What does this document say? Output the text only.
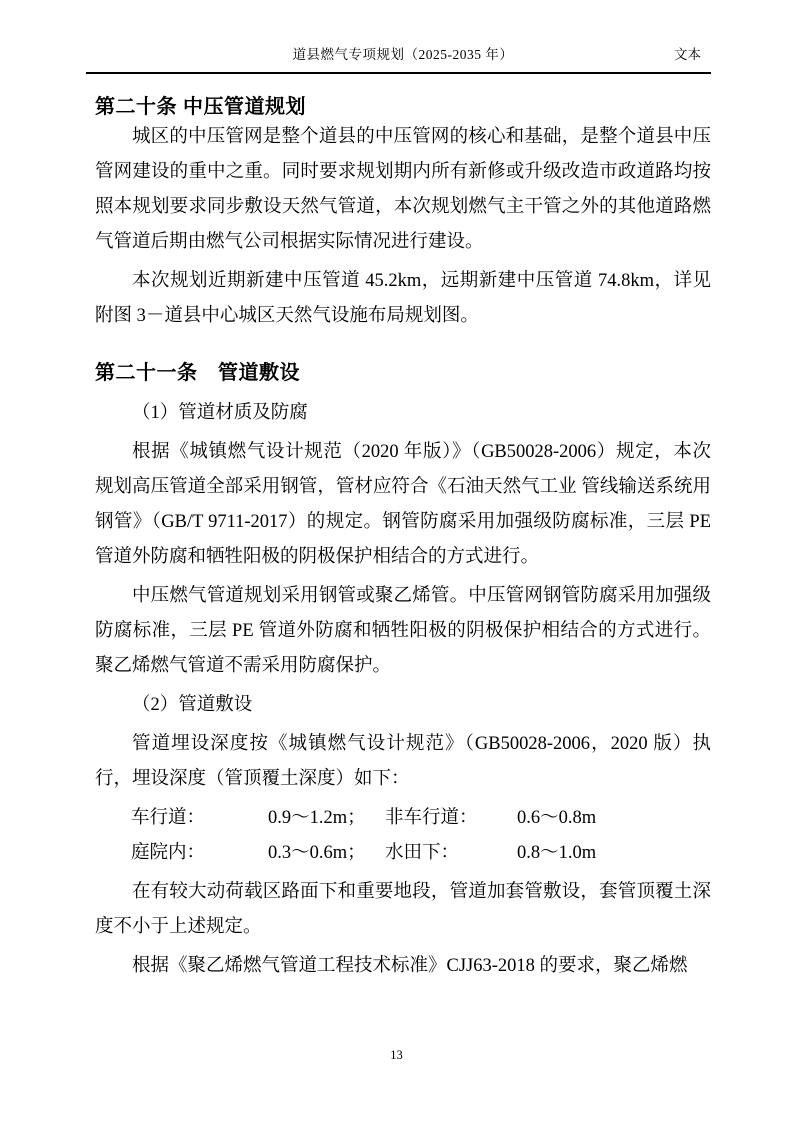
道县燃气专项规划（2025-2035 年）	文本
第二十条 中压管道规划

城区的中压管网是整个道县的中压管网的核心和基础，是整个道县中压管网建设的重中之重。同时要求规划期内所有新修或升级改造市政道路均按照本规划要求同步敷设天然气管道，本次规划燃气主干管之外的其他道路燃气管道后期由燃气公司根据实际情况进行建设。

本次规划近期新建中压管道 45.2km，远期新建中压管道 74.8km，详见附图 3－道县中心城区天然气设施布局规划图。

第二十一条　管道敷设

（1）管道材质及防腐

根据《城镇燃气设计规范（2020 年版）》（GB50028-2006）规定，本次规划高压管道全部采用钢管，管材应符合《石油天然气工业 管线输送系统用钢管》（GB/T 9711-2017）的规定。钢管防腐采用加强级防腐标准，三层 PE 管道外防腐和牺牲阳极的阴极保护相结合的方式进行。

中压燃气管道规划采用钢管或聚乙烯管。中压管网钢管防腐采用加强级防腐标准，三层 PE 管道外防腐和牺牲阳极的阴极保护相结合的方式进行。聚乙烯燃气管道不需采用防腐保护。

（2）管道敷设

管道埋设深度按《城镇燃气设计规范》（GB50028-2006，2020 版）执行，埋设深度（管顶覆土深度）如下：

车行道：	0.9～1.2m；	非车行道：	0.6～0.8m
庭院内：	0.3～0.6m；	水田下：	0.8～1.0m

在有较大动荷载区路面下和重要地段，管道加套管敷设，套管顶覆土深度不小于上述规定。

根据《聚乙烯燃气管道工程技术标准》CJJ63-2018 的要求，聚乙烯燃

13
